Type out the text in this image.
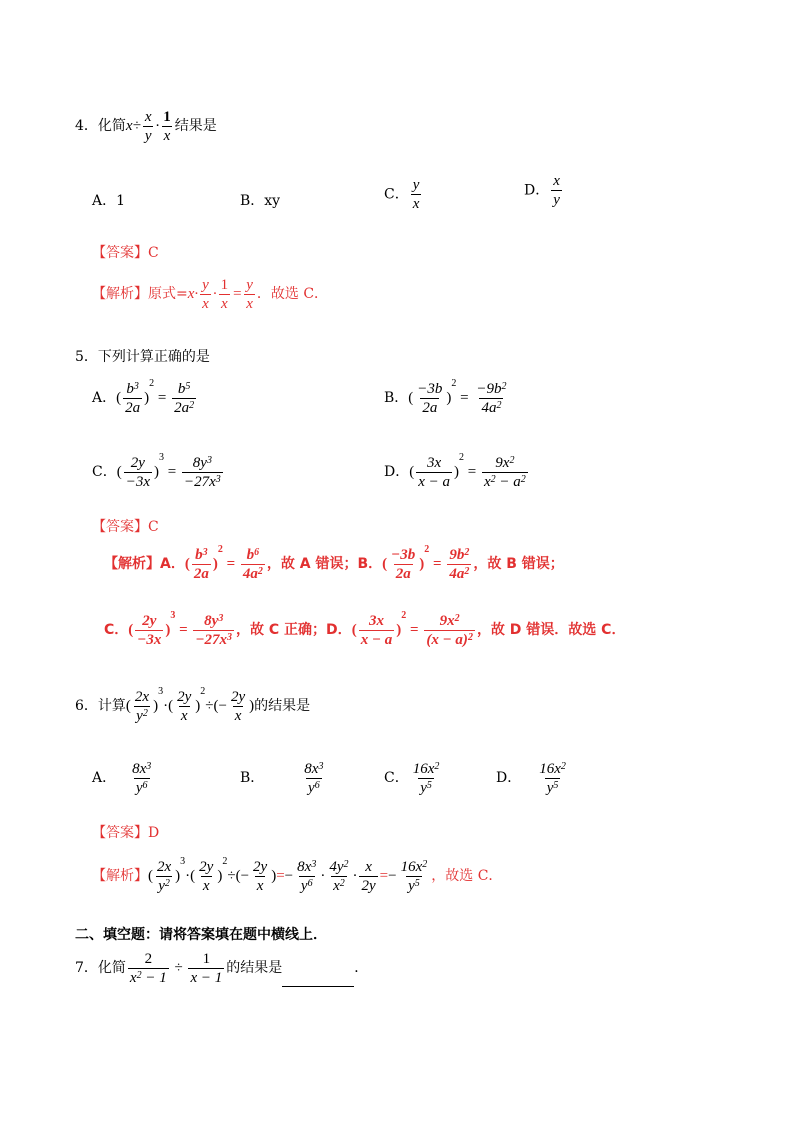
4．化简$x\div \frac{x}{y} \cdot \frac{1}{x}$ 结果是
A．1	B．xy	C． $\frac{y}{x}$	D． $\frac{x}{y}$
【答案】C
【解析】原式$=x\cdot \frac{y}{x} \cdot \frac{1}{x} = \frac{y}{x}$ ．故选 C．
5．下列计算正确的是
A．( $\frac{b^3}{2a} )^2 = \frac{b^5}{2a^2}$	B．( $\frac{-3b}{2a} )^2 = \frac{-9b^2}{4a^2}$
C．( $\frac{2y}{-3x} )^3 = \frac{8y^3}{-27x^3}$	D．( $\frac{3x}{x - a} )^2 = \frac{9x^2}{x^2 - a^2}$
【答案】C
【解析】A．( $\frac{b^3}{2a} )^2 = \frac{b^6}{4a^2}$ ，故 A 错误；B．( $\frac{-3b}{2a} )^2 = \frac{9b^2}{4a^2}$ ，故 B 错误；
C．( $\frac{2y}{-3x} )^3 = \frac{8y^3}{-27x^3}$ ，故 C 正确；D．( $\frac{3x}{x - a} )^2 = \frac{9x^2}{(x - a)^2}$ ，故 D 错误．故选 C．
6．计算( $\frac{2x}{y^2} )^3\cdot( \frac{2y}{x} )^2\div(- \frac{2y}{x}$ )的结果是
A． $\frac{8x^3}{y^6}$	B．	$\frac{8x^3}{y^6}$	C． $\frac{16x^2}{y^5}$	D． $\frac{16x^2}{y^5}$
【答案】D
【解析】( $\frac{2x}{y^2} )^3\cdot( \frac{2y}{x} )^2\div(- \frac{2y}{x}$ )=− $\frac{8x^3}{y^6} \cdot \frac{4y^2}{x^2} \cdot \frac{x}{2y} =- \frac{16x^2}{y^5}$ ，故选 C．
二、填空题：请将答案填在题中横线上．
7．化简 $\frac{2}{x^2 - 1} \div \frac{1}{x - 1}$ 的结果是	．
